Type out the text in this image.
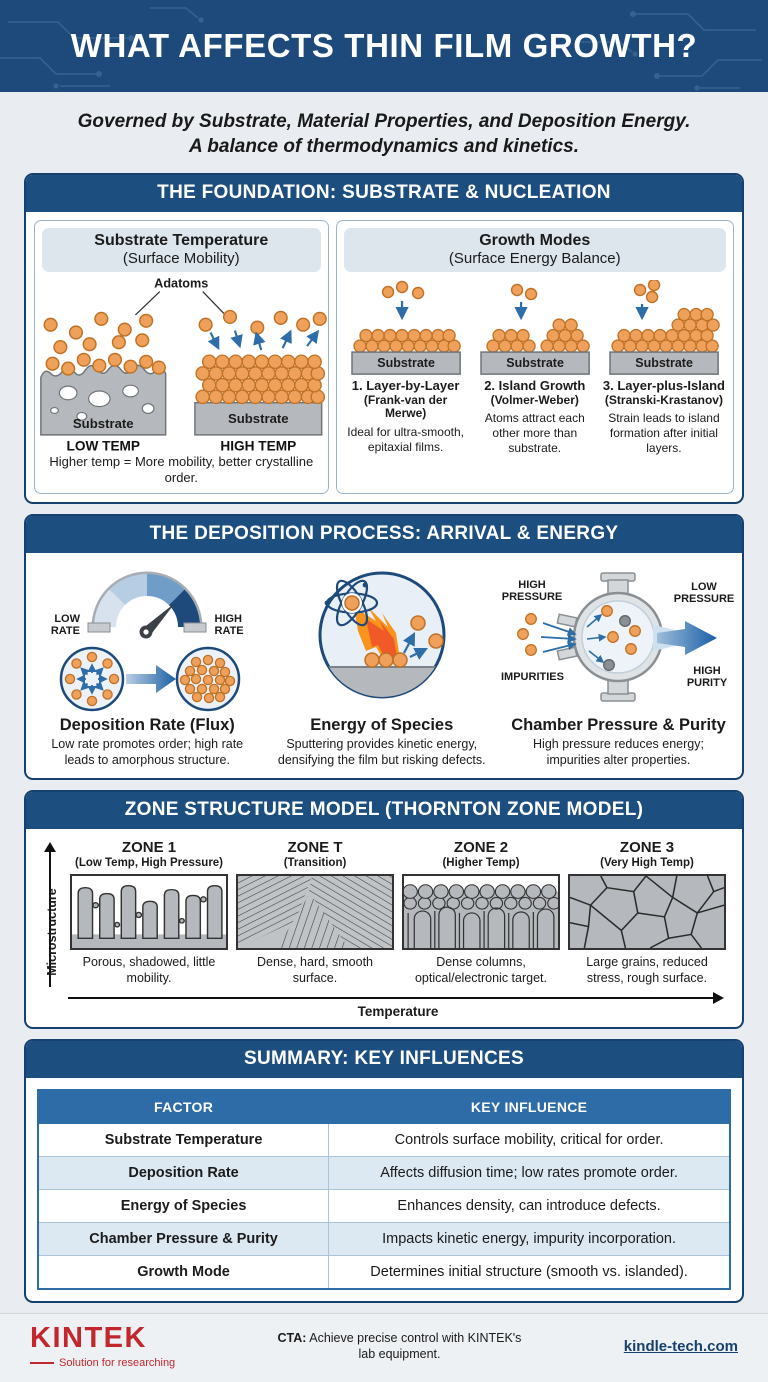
WHAT AFFECTS THIN FILM GROWTH?
Governed by Substrate, Material Properties, and Deposition Energy.
A balance of thermodynamics and kinetics.
THE FOUNDATION: SUBSTRATE & NUCLEATION
Substrate Temperature
(Surface Mobility)
Adatoms
Substrate
LOW TEMP
Substrate
HIGH TEMP
Higher temp = More mobility, better crystalline order.
Growth Modes
(Surface Energy Balance)
Substrate
1. Layer-by-Layer
(Frank-van der Merwe)
Ideal for ultra-smooth, epitaxial films.
Substrate
2. Island Growth
(Volmer-Weber)
Atoms attract each other more than substrate.
Substrate
3. Layer-plus-Island
(Stranski-Krastanov)
Strain leads to island formation after initial layers.
THE DEPOSITION PROCESS: ARRIVAL & ENERGY
LOW RATE
HIGH RATE
Deposition Rate (Flux)
Low rate promotes order; high rate leads to amorphous structure.
Energy of Species
Sputtering provides kinetic energy, densifying the film but risking defects.
HIGH PRESSURE
LOW PRESSURE
IMPURITIES	HIGH PURITY
Chamber Pressure & Purity
High pressure reduces energy; impurities alter properties.
ZONE STRUCTURE MODEL (THORNTON ZONE MODEL)
Microstructure
ZONE 1
(Low Temp, High Pressure)
Porous, shadowed, little mobility.
ZONE T
(Transition)
Dense, hard, smooth surface.
ZONE 2
(Higher Temp)
Dense columns, optical/electronic target.
ZONE 3
(Very High Temp)
Large grains, reduced stress, rough surface.
Temperature
SUMMARY: KEY INFLUENCES
FACTOR	KEY INFLUENCE
Substrate Temperature	Controls surface mobility, critical for order.
Deposition Rate	Affects diffusion time; low rates promote order.
Energy of Species	Enhances density, can introduce defects.
Chamber Pressure & Purity	Impacts kinetic energy, impurity incorporation.
Growth Mode	Determines initial structure (smooth vs. islanded).
KINTEK
Solution for researching
CTA: Achieve precise control with KINTEK's lab equipment.	kindle-tech.com
